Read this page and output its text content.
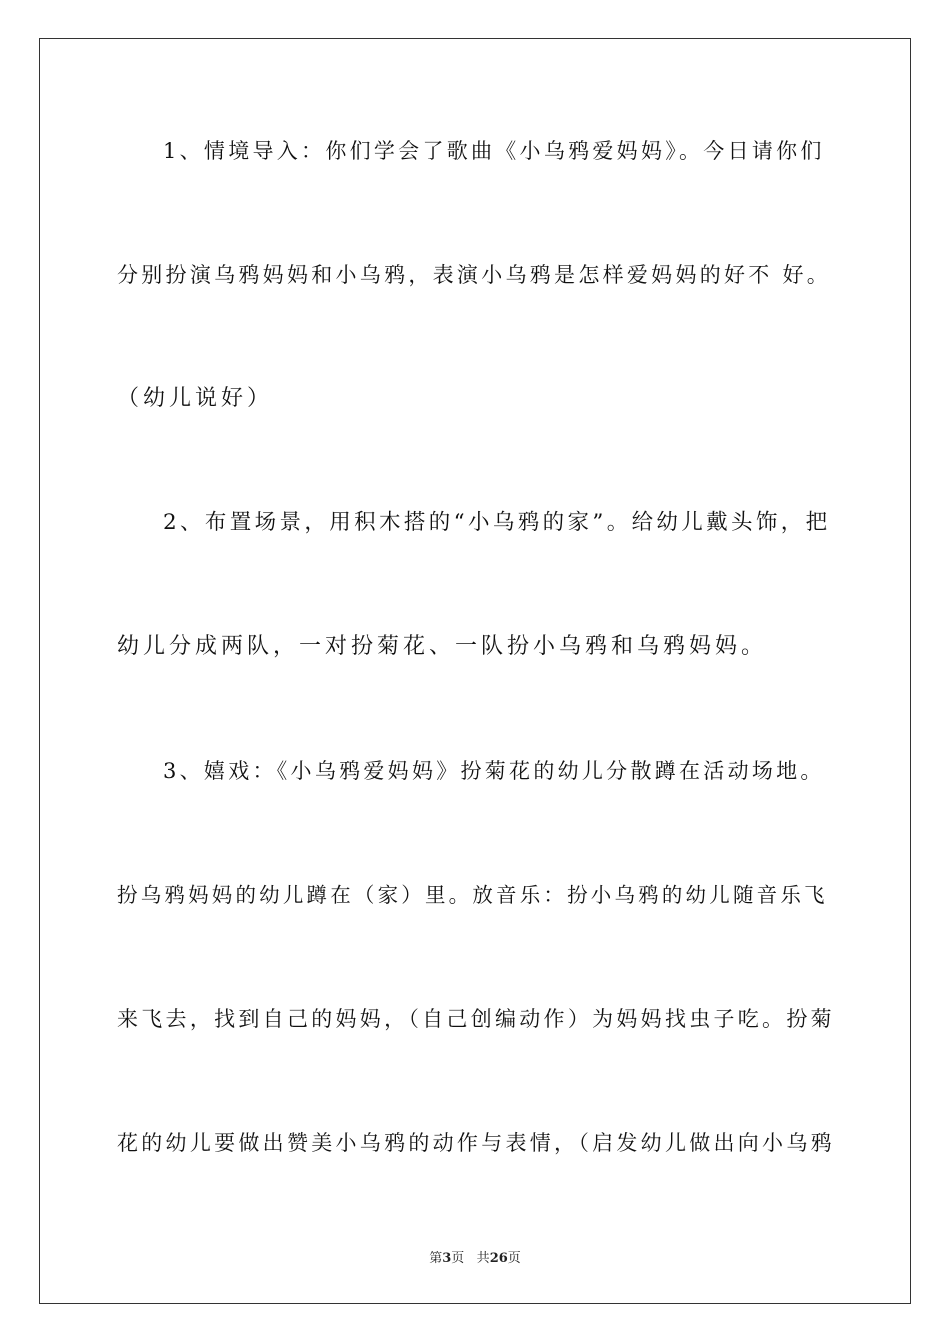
1、情境导入：你们学会了歌曲《小乌鸦爱妈妈》。今日请你们
分别扮演乌鸦妈妈和小乌鸦，表演小乌鸦是怎样爱妈妈的好不 好。
（幼儿说好）
2、布置场景，用积木搭的“小乌鸦的家”。给幼儿戴头饰，把
幼儿分成两队，一对扮菊花、一队扮小乌鸦和乌鸦妈妈。
3、嬉戏：《小乌鸦爱妈妈》扮菊花的幼儿分散蹲在活动场地。
扮乌鸦妈妈的幼儿蹲在（家）里。放音乐：扮小乌鸦的幼儿随音乐飞
来飞去，找到自己的妈妈，（自己创编动作）为妈妈找虫子吃。扮菊
花的幼儿要做出赞美小乌鸦的动作与表情，（启发幼儿做出向小乌鸦
第3页 共26页
